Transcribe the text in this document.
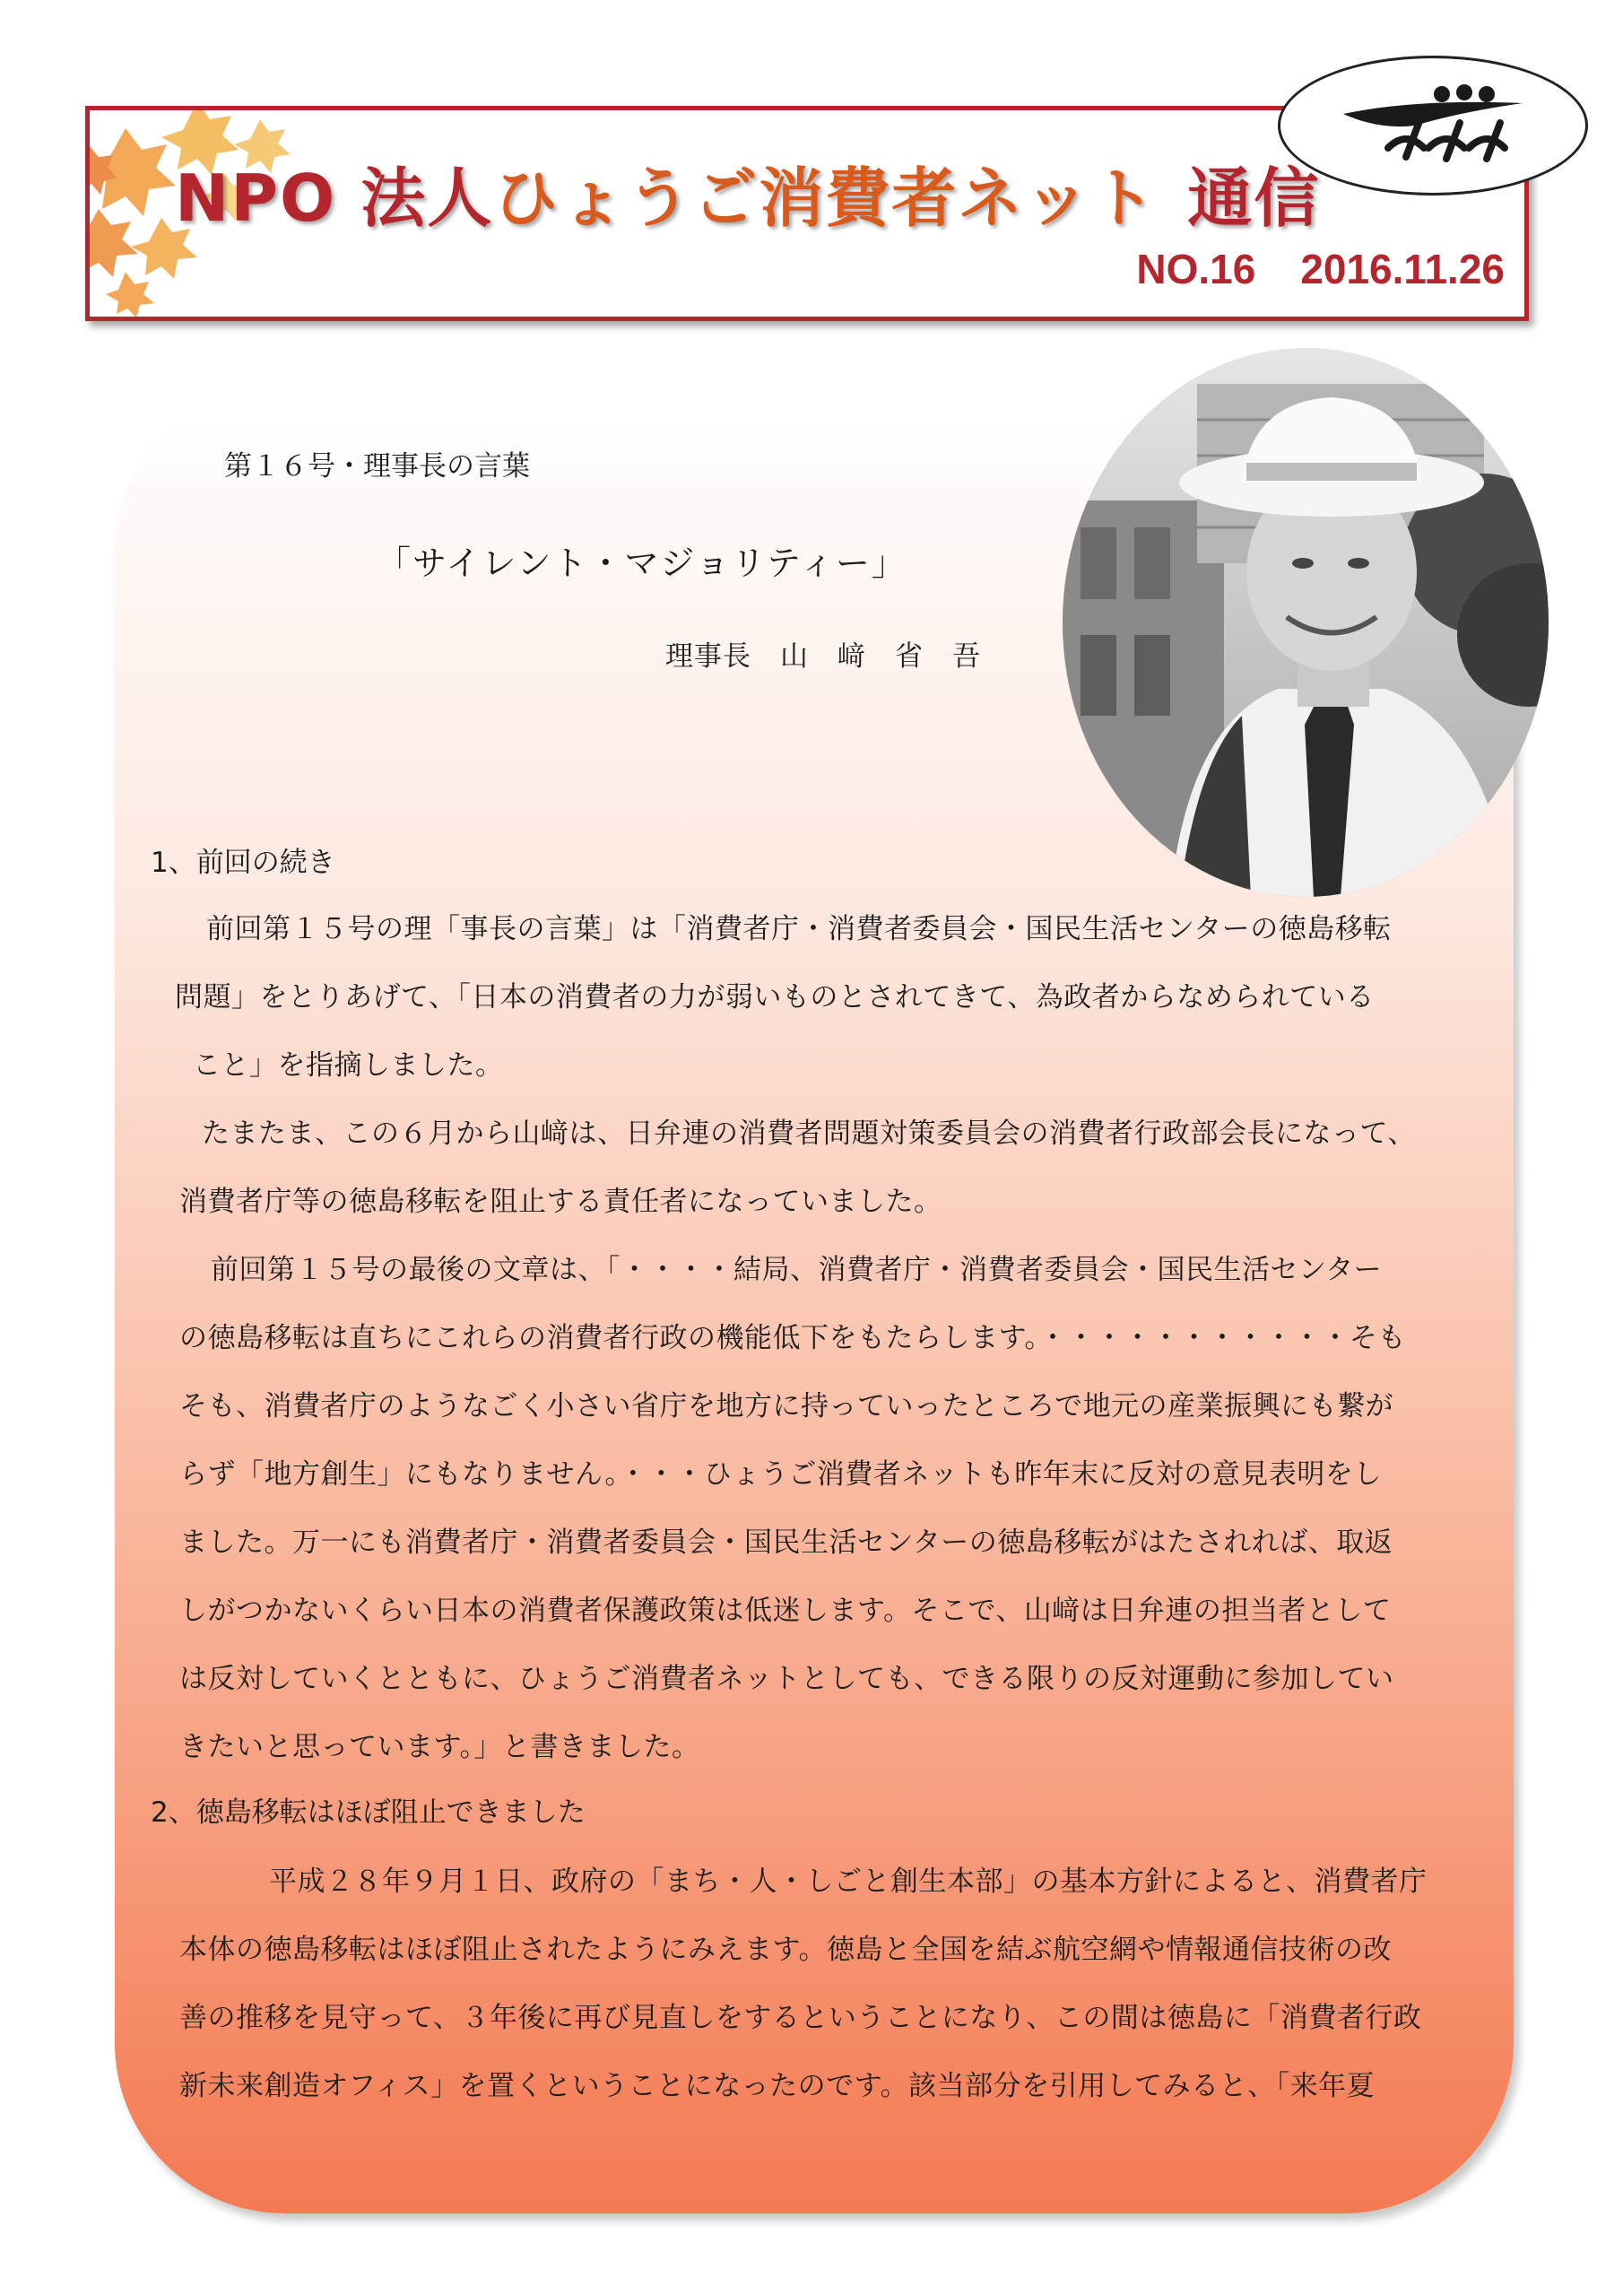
NPO 法人ひょうご消費者ネット 通信
NO.16 2016.11.26
第１６号・理事長の言葉
「サイレント・マジョリティー」
理事長　山　﨑　省　吾
1、前回の続き
前回第１５号の理「事長の言葉」は「消費者庁・消費者委員会・国民生活センターの徳島移転
問題」をとりあげて、「日本の消費者の力が弱いものとされてきて、為政者からなめられている
こと」を指摘しました。
たまたま、この６月から山﨑は、日弁連の消費者問題対策委員会の消費者行政部会長になって、
消費者庁等の徳島移転を阻止する責任者になっていました。
前回第１５号の最後の文章は、「・・・・結局、消費者庁・消費者委員会・国民生活センター
の徳島移転は直ちにこれらの消費者行政の機能低下をもたらします。・・・・・・・・・・・そも
そも、消費者庁のようなごく小さい省庁を地方に持っていったところで地元の産業振興にも繋が
らず「地方創生」にもなりません。・・・ひょうご消費者ネットも昨年末に反対の意見表明をし
ました。万一にも消費者庁・消費者委員会・国民生活センターの徳島移転がはたされれば、取返
しがつかないくらい日本の消費者保護政策は低迷します。そこで、山﨑は日弁連の担当者として
は反対していくとともに、ひょうご消費者ネットとしても、できる限りの反対運動に参加してい
きたいと思っています。」と書きました。
2、徳島移転はほぼ阻止できました
平成２８年９月１日、政府の「まち・人・しごと創生本部」の基本方針によると、消費者庁
本体の徳島移転はほぼ阻止されたようにみえます。徳島と全国を結ぶ航空網や情報通信技術の改
善の推移を見守って、３年後に再び見直しをするということになり、この間は徳島に「消費者行政
新未来創造オフィス」を置くということになったのです。該当部分を引用してみると、「来年夏
